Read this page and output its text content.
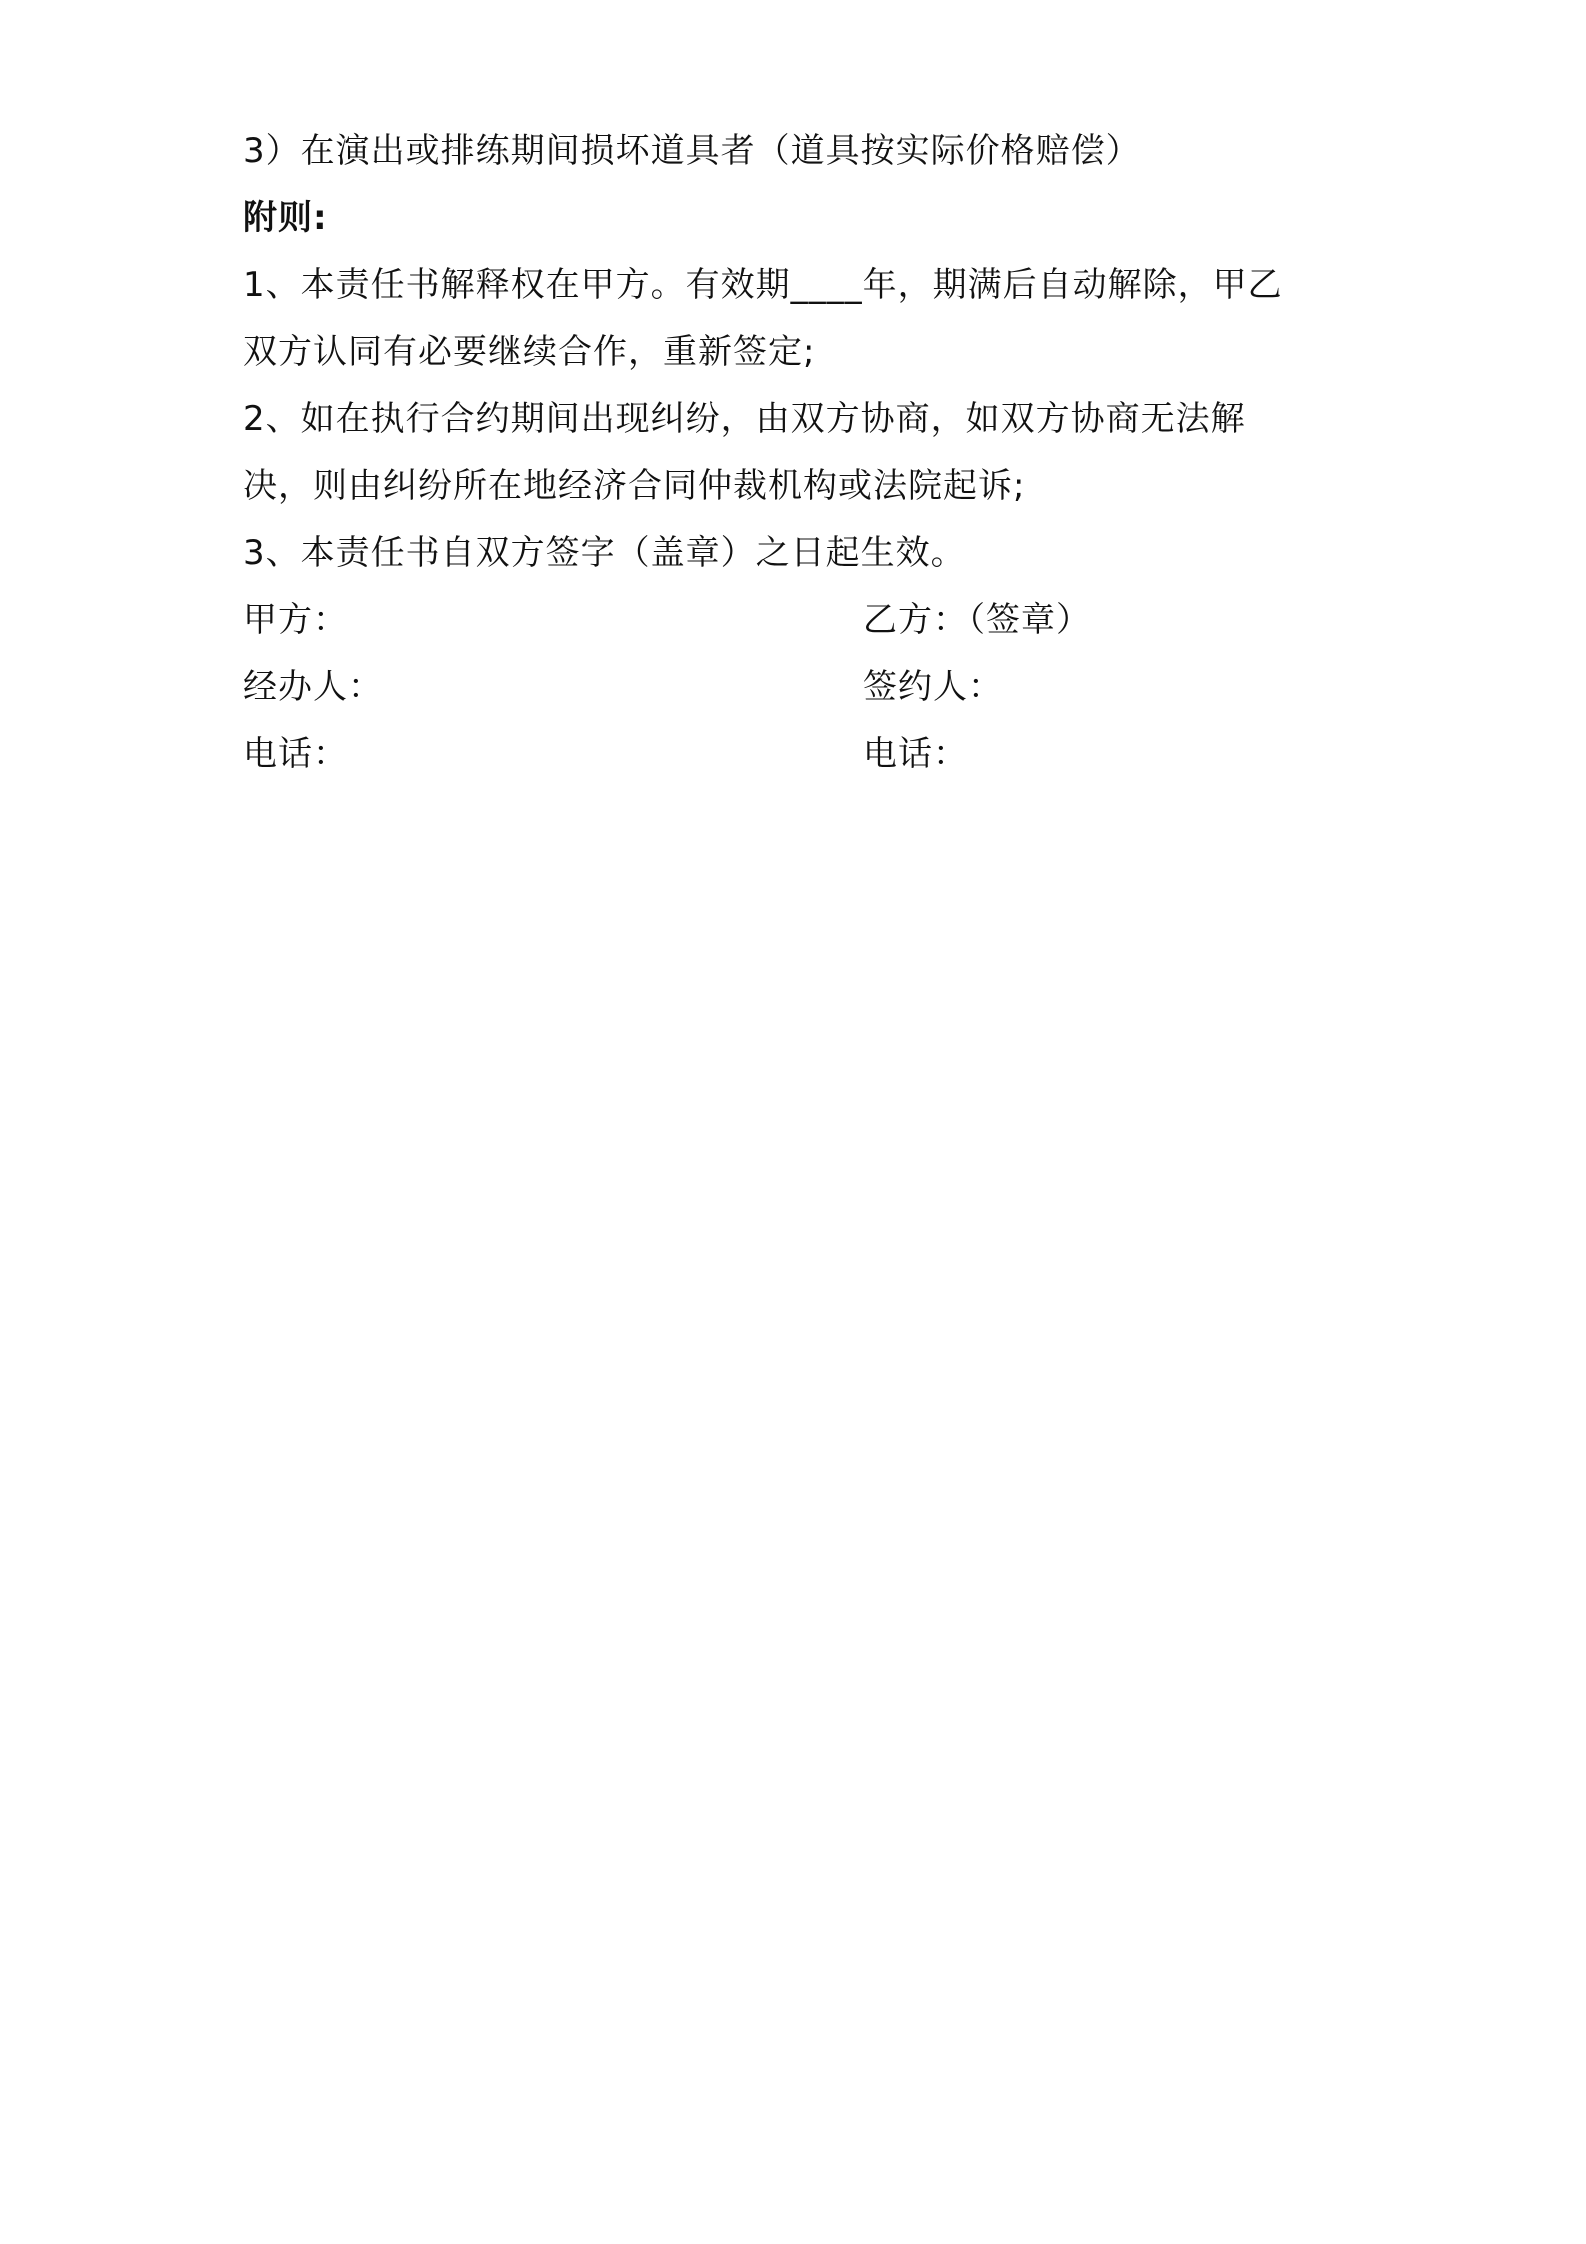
3）在演出或排练期间损坏道具者（道具按实际价格赔偿）
附则:
1、本责任书解释权在甲方。有效期____年，期满后自动解除，甲乙
双方认同有必要继续合作，重新签定;
2、如在执行合约期间出现纠纷，由双方协商，如双方协商无法解
决，则由纠纷所在地经济合同仲裁机构或法院起诉;
3、本责任书自双方签字（盖章）之日起生效。
甲方：	乙方：（签章）
经办人：	签约人：
电话：	电话：
